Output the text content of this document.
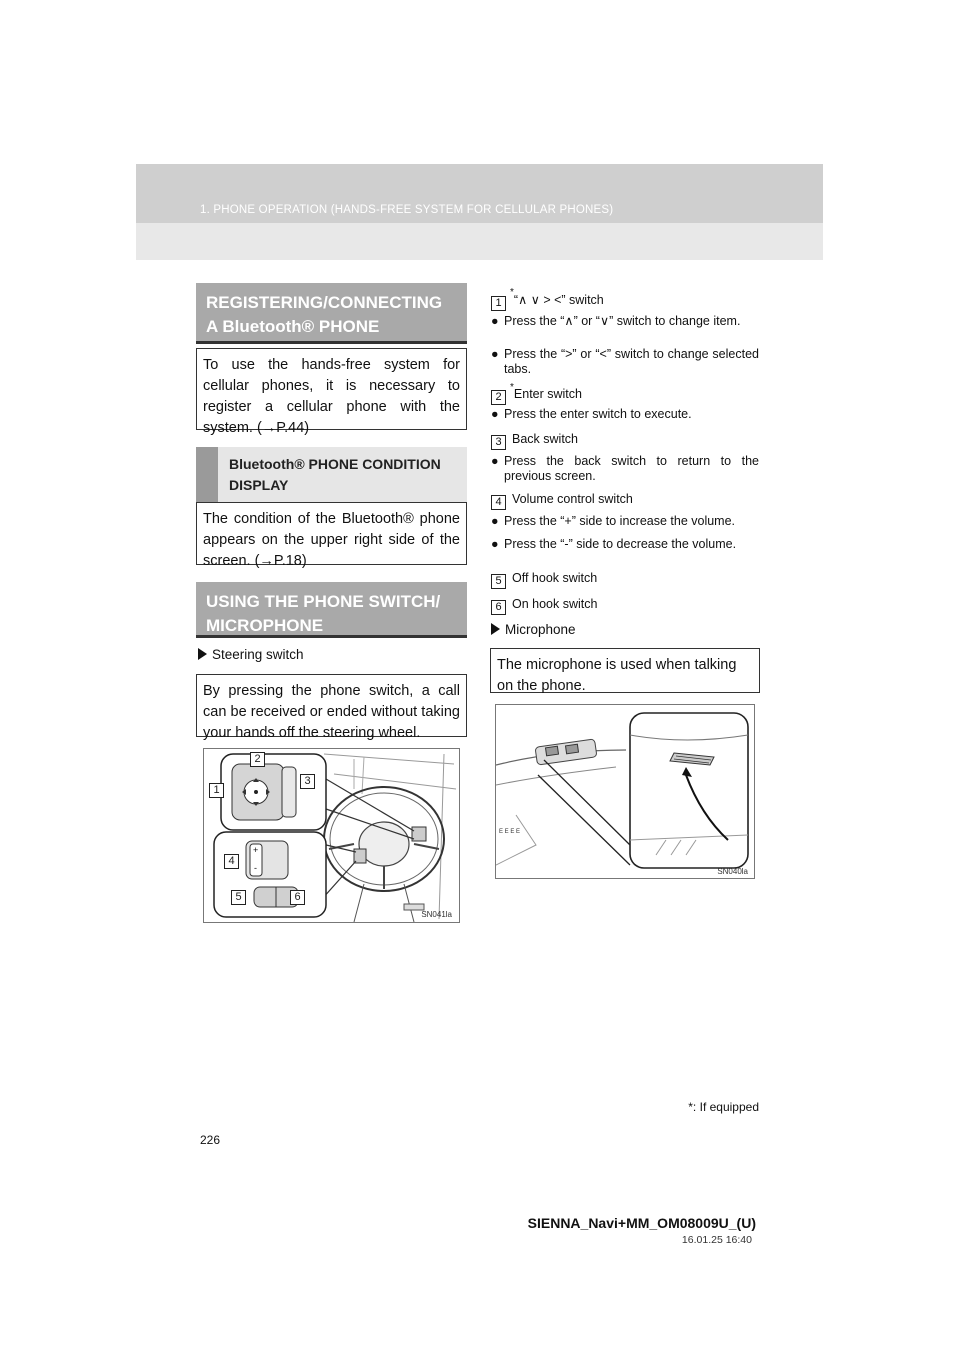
1. PHONE OPERATION (HANDS-FREE SYSTEM FOR CELLULAR PHONES)
REGISTERING/CONNECTING A Bluetooth® PHONE
To use the hands-free system for cellular phones, it is necessary to register a cellular phone with the system. (→P.44)
Bluetooth® PHONE CONDITION DISPLAY
The condition of the Bluetooth® phone appears on the upper right side of the screen. (→P.18)
USING THE PHONE SWITCH/ MICROPHONE
Steering switch
By pressing the phone switch, a call can be received or ended without taking your hands off the steering wheel.
+
-
1
2
3
4
5	6
SN041la
1*“∧ ∨ > <” switch
● Press the “∧” or “∨” switch to change item.
● Press the “>” or “<” switch to change selected tabs.
2*Enter switch
● Press the enter switch to execute.
3 Back switch
● Press the back switch to return to the previous screen.
4 Volume control switch
● Press the “+” side to increase the volume.
● Press the “-” side to decrease the volume.
5 Off hook switch
6 On hook switch
Microphone
The microphone is used when talking on the phone.
E E E E
SN040la
*: If equipped
226
SIENNA_Navi+MM_OM08009U_(U)
16.01.25 16:40
